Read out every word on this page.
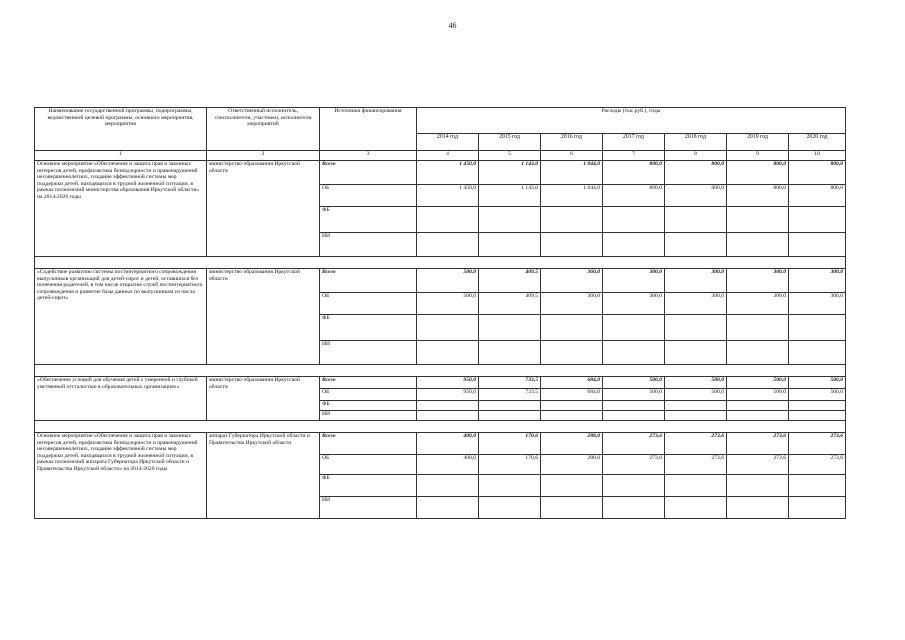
46
Наименование государственной программы, подпрограммы, ведомственной целевой программы, основного мероприятия, мероприятия	Ответственный исполнитель, соисполнители, участники, исполнители мероприятий	Источники финансирования	Расходы (тыс.руб.), годы						
			2014 год	2015 год	2016 год	2017 год	2018 год	2019 год	2020 год
1	2	3	4	5	6	7	8	9	10
Основное мероприятие «Обеспечение и защита прав и законных интересов детей, профилактика безнадзорности и правонарушений несовершеннолетних, создание эффективной системы мер поддержки детей, находящихся в трудной жизненной ситуации, в рамках полномочий министерства образования Иркутской области» на 2014-2020 годы	министерство образования Иркутской области	Всего	1 450,0	1 143,0	1 044,0	800,0	800,0	800,0	800,0
		ОБ	1 450,0	1 143,0	1 044,0	800,0	800,0	800,0	800,0
		ФБ							
		ИИ							

«Содействие развитию системы постинтернатного сопровождения выпускников организаций для детей-сирот и детей, оставшихся без попечения родителей, в том числе открытие служб постинтернатного сопровождения и развитие базы данных по выпускникам из числа детей-сирот»	министерство образования Иркутской области	Всего	500,0	409,5	360,0	300,0	300,0	300,0	300,0
		ОБ	500,0	409,5	360,0	300,0	300,0	300,0	300,0
		ФБ							
		ИИ							

«Обеспечение условий для обучения детей с умеренной и глубокой умственной отсталостью в образовательных организациях»	министерство образования Иркутской области	Всего	950,0	733,5	684,0	500,0	500,0	500,0	500,0
		ОБ	950,0	733,5	684,0	500,0	500,0	500,0	500,0
		ФБ							
		ИИ							

Основное мероприятие «Обеспечение и защита прав и законных интересов детей, профилактика безнадзорности и правонарушений несовершеннолетних, создание эффективной системы мер поддержки детей, находящихся в трудной жизненной ситуации, в рамках полномочий аппарата Губернатора Иркутской области и Правительства Иркутской области» на 2014-2020 годы	аппарат Губернатора Иркутской области и Правительства Иркутской области	Всего	400,0	170,6	288,0	273,6	273,6	273,6	273,6
		ОБ	400,0	170,6	288,0	273,6	273,6	273,6	273,6
		ФБ							
		ИИ							
